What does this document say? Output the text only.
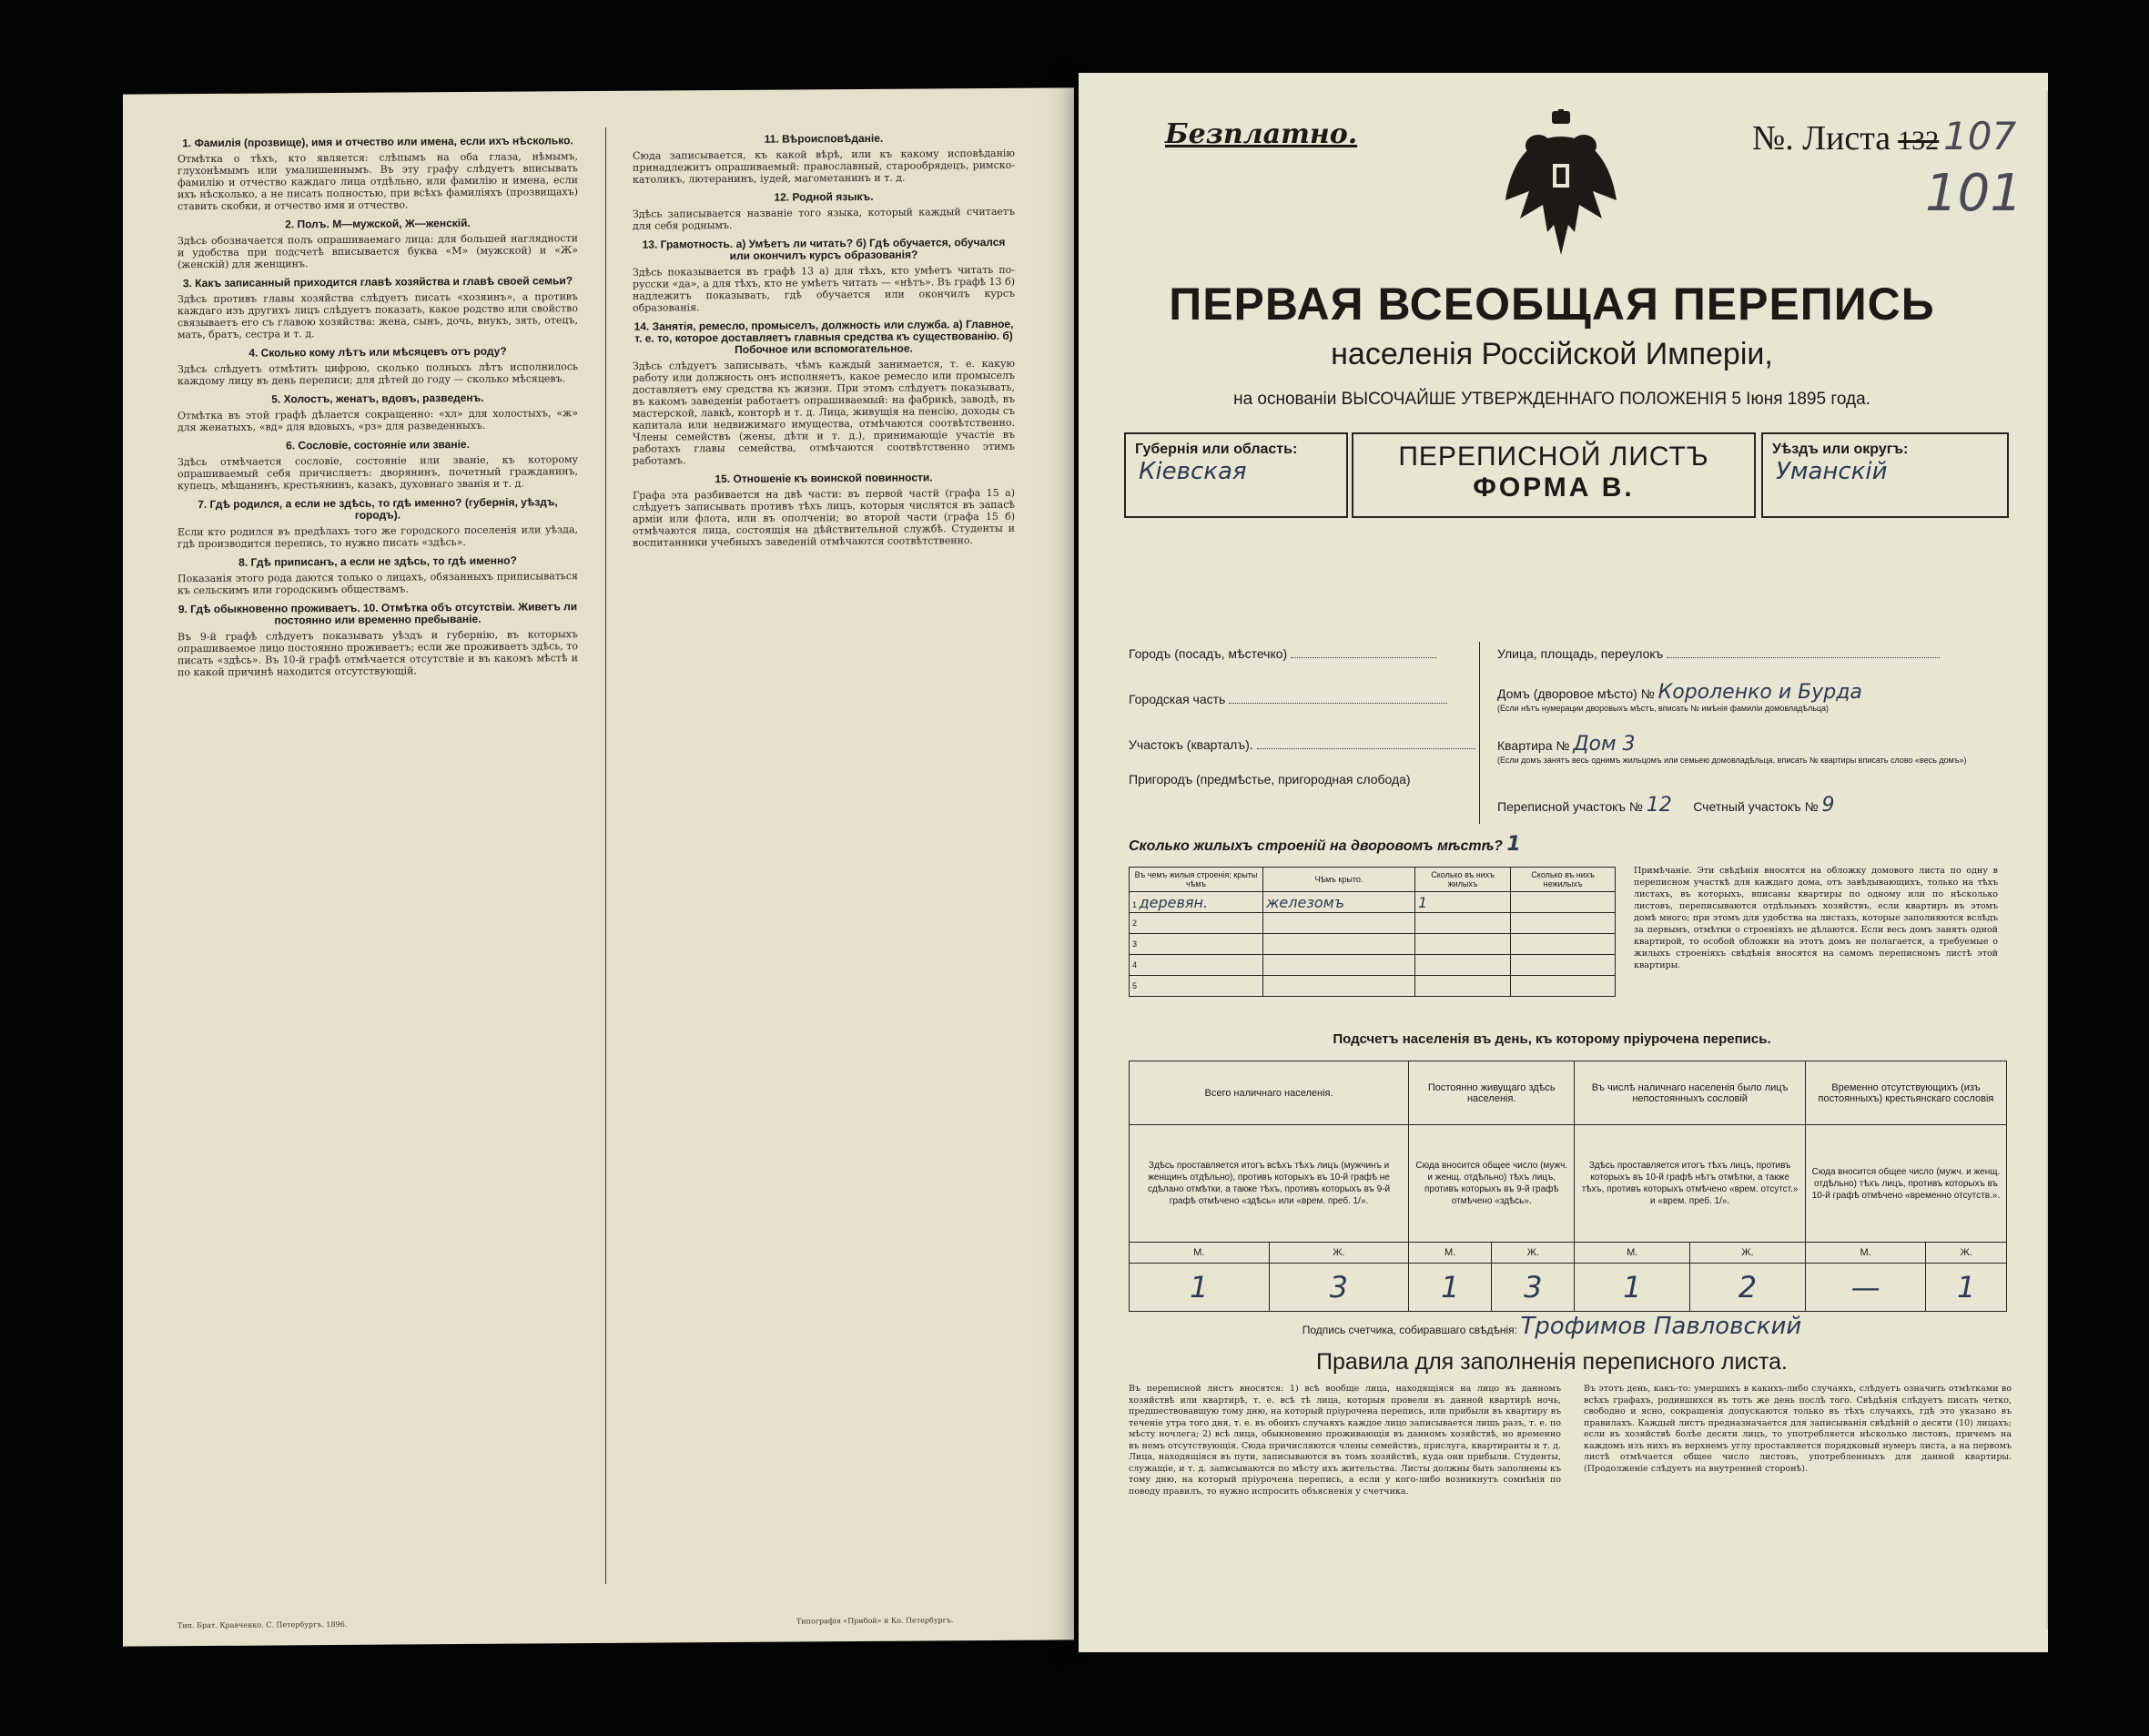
1. Фамилія (прозвище), имя и отчество или имена, если ихъ нѣсколько.

Отмѣтка о тѣхъ, кто является: слѣпымъ на оба глаза, нѣмымъ, глухонѣмымъ или умалишеннымъ. Въ эту графу слѣдуетъ вписывать фамилію и отчество каждаго лица отдѣльно, или фамилію и имена, если ихъ нѣсколько, а не писать полностью, при всѣхъ фамиліяхъ (прозвищахъ) ставить скобки, и отчество имя и отчество.

2. Полъ. М—мужской, Ж—женскій.

Здѣсь обозначается полъ опрашиваемаго лица: для большей наглядности и удобства при подсчетѣ вписывается буква «М» (мужской) и «Ж» (женскій) для женщинъ.

3. Какъ записанный приходится главѣ хозяйства и главѣ своей семьи?

Здѣсь противъ главы хозяйства слѣдуетъ писать «хозяинъ», а противъ каждаго изъ другихъ лицъ слѣдуетъ показать, какое родство или свойство связываетъ его съ главою хозяйства: жена, сынъ, дочь, внукъ, зять, отецъ, мать, братъ, сестра и т. д.

4. Сколько кому лѣтъ или мѣсяцевъ отъ роду?

Здѣсь слѣдуетъ отмѣтить цифрою, сколько полныхъ лѣтъ исполнилось каждому лицу въ день переписи; для дѣтей до году — сколько мѣсяцевъ.

5. Холостъ, женатъ, вдовъ, разведенъ.

Отмѣтка въ этой графѣ дѣлается сокращенно: «хл» для холостыхъ, «ж» для женатыхъ, «вд» для вдовыхъ, «рз» для разведенныхъ.

6. Сословіе, состояніе или званіе.

Здѣсь отмѣчается сословіе, состояніе или званіе, къ которому опрашиваемый себя причисляетъ: дворянинъ, почетный гражданинъ, купецъ, мѣщанинъ, крестьянинъ, казакъ, духовнаго званія и т. д.

7. Гдѣ родился, а если не здѣсь, то гдѣ именно? (губернія, уѣздъ, городъ).

Если кто родился въ предѣлахъ того же городского поселенія или уѣзда, гдѣ производится перепись, то нужно писать «здѣсь».

8. Гдѣ приписанъ, а если не здѣсь, то гдѣ именно?

Показанія этого рода даются только о лицахъ, обязанныхъ приписываться къ сельскимъ или городскимъ обществамъ.

9. Гдѣ обыкновенно проживаетъ. 10. Отмѣтка объ отсутствіи. Живетъ ли постоянно или временно пребываніе.

Въ 9-й графѣ слѣдуетъ показывать уѣздъ и губернію, въ которыхъ опрашиваемое лицо постоянно проживаетъ; если же проживаетъ здѣсь, то писать «здѣсь». Въ 10-й графѣ отмѣчается отсутствіе и въ какомъ мѣстѣ и по какой причинѣ находится отсутствующій.

11. Вѣроисповѣданіе.

Сюда записывается, къ какой вѣрѣ, или къ какому исповѣданію принадлежитъ опрашиваемый: православный, старообрядецъ, римско-католикъ, лютеранинъ, іудей, магометанинъ и т. д.

12. Родной языкъ.

Здѣсь записывается названіе того языка, который каждый считаетъ для себя роднымъ.

13. Грамотность. а) Умѣетъ ли читать? б) Гдѣ обучается, обучался или окончилъ курсъ образованія?

Здѣсь показывается въ графѣ 13 а) для тѣхъ, кто умѣетъ читать по-русски «да», а для тѣхъ, кто не умѣетъ читать — «нѣтъ». Въ графѣ 13 б) надлежитъ показывать, гдѣ обучается или окончилъ курсъ образованія.

14. Занятія, ремесло, промыселъ, должность или служба. а) Главное, т. е. то, которое доставляетъ главныя средства къ существованію. б) Побочное или вспомогательное.

Здѣсь слѣдуетъ записывать, чѣмъ каждый занимается, т. е. какую работу или должность онъ исполняетъ, какое ремесло или промыселъ доставляетъ ему средства къ жизни. При этомъ слѣдуетъ показывать, въ какомъ заведеніи работаетъ опрашиваемый: на фабрикѣ, заводѣ, въ мастерской, лавкѣ, конторѣ и т. д. Лица, живущія на пенсію, доходы съ капитала или недвижимаго имущества, отмѣчаются соотвѣтственно. Члены семействъ (жены, дѣти и т. д.), принимающіе участіе въ работахъ главы семейства, отмѣчаются соотвѣтственно этимъ работамъ.

15. Отношеніе къ воинской повинности.

Графа эта разбивается на двѣ части: въ первой частй (графа 15 а) слѣдуетъ записывать противъ тѣхъ лицъ, которыя числятся въ запасѣ арміи или флота, или въ ополченіи; во второй части (графа 15 б) отмѣчаются лица, состоящія на дѣйствительной службѣ. Студенты и воспитанники учебныхъ заведеній отмѣчаются соотвѣтственно.

Тип. Брат. Кравченко. С. Петербургъ. 1896.	Типографія «Прибой» и Ко. Петербургъ.
Безплатно.	№. Листа 132 107
101
ПЕРВАЯ ВСЕОБЩАЯ ПЕРЕПИСЬ
населенія Россійской Имперіи,
на основаніи ВЫСОЧАЙШЕ УТВЕРЖДЕННАГО ПОЛОЖЕНІЯ 5 Іюня 1895 года.
Губернія или область:
Кіевская	ПЕРЕПИСНОЙ ЛИСТЪ
ФОРМА В.
Уѣздъ или округъ:
Уманскій
Городъ (посадъ, мѣстечко)
Городская часть
Участокъ (кварталъ).
Пригородъ (предмѣстье, пригородная слобода)
Улица, площадь, переулокъ
Домъ (дворовое мѣсто) № Короленко и Бурда
(Если нѣтъ нумерации дворовыхъ мѣстъ, вписать № имѣнія фамиліи домовладѣльца)
Квартира № Дом 3
(Если домъ занятъ весь однимъ жильцомъ или семьею домовладѣльца, вписать № квартиры вписать слово «весь домъ»)
Переписной участокъ № 12 Счетный участокъ № 9
Сколько жилыхъ строеній на дворовомъ мѣстѣ? 1
Въ чемъ жилыя строенія; крыты чѣмъ	Чѣмъ крыто.	Сколько въ нихъ жилыхъ	Сколько въ нихъ нежилыхъ
1 деревян.	железомъ	1	
2			
3			
4			
5			
Примѣчаніе. Эти свѣдѣнія вносятся на обложку домового листа по одну в переписном участкѣ для каждаго дома, отъ завѣдывающихъ, только на тѣхъ листахъ, въ которыхъ, вписаны квартиры по одному или по нѣсколько листовъ, переписываются отдѣльныхъ хозяйствъ, если квартиръ въ этомъ домѣ много; при этомъ для удобства на листахъ, которые заполняются вслѣдъ за первымъ, отмѣтки о строеніяхъ не дѣлаются. Если весь домъ занятъ одной квартирой, то особой обложки на этотъ домъ не полагается, а требуемые о жилыхъ строеніяхъ свѣдѣнія вносятся на самомъ переписномъ листѣ этой квартиры.
Подсчетъ населенія въ день, къ которому пріурочена перепись.
Всего наличнаго населенія.		Постоянно живущаго здѣсь населенія.		Въ числѣ наличнаго населенія было лицъ непостоянныхъ сословій		Временно отсутствующихъ (изъ постоянныхъ) крестьянскаго сословія	
Здѣсь проставляется итогъ всѣхъ тѣхъ лицъ (мужчинъ и женщинъ отдѣльно), противъ которыхъ въ 10-й графѣ не сдѣлано отмѣтки, а также тѣхъ, противъ которыхъ въ 9-й графѣ отмѣчено «здѣсь» или «врем. преб. 1/».		Сюда вносится общее число (мужч. и женщ. отдѣльно) тѣхъ лицъ, противъ которыхъ въ 9-й графѣ отмѣчено «здѣсь».		Здѣсь проставляется итогъ тѣхъ лицъ, противъ которыхъ въ 10-й графѣ нѣтъ отмѣтки, а также тѣхъ, противъ которыхъ отмѣчено «врем. отсутст.» и «врем. преб. 1/».		Сюда вносится общее число (мужч. и женщ. отдѣльно) тѣхъ лицъ, противъ которыхъ въ 10-й графѣ отмѣчено «временно отсутств.».	
М.	Ж.	М.	Ж.	М.	Ж.	М.	Ж.
1	3	1	3	1	2	—	1
Подпись счетчика, собиравшаго свѣдѣнія: Трофимов Павловский
Правила для заполненія переписного листа.

Въ переписной листъ вносятся: 1) всѣ вообще лица, находящіяся на лицо въ данномъ хозяйствѣ или квартирѣ, т. е. всѣ тѣ лица, которыя провели въ данной квартирѣ ночь, предшествовавшую тому дню, на который пріурочена перепись, или прибыли въ квартиру въ теченіе утра того дня, т. е. въ обоихъ случаяхъ каждое лицо записывается лишь разъ, т. е. по мѣсту ночлега; 2) всѣ лица, обыкновенно проживающія въ данномъ хозяйствѣ, но временно въ немъ отсутствующія. Сюда причисляются члены семействъ, прислуга, квартиранты и т. д. Лица, находящіяся въ пути, записываются въ томъ хозяйствѣ, куда они прибыли. Студенты, служащіе, и т. д. записываются по мѣсту ихъ жительства. Листы должны быть заполнены къ тому дню, на который пріурочена перепись, а если у кого-либо возникнутъ сомнѣнія по поводу правилъ, то нужно испросить объясненія у счетчика.

Въ этотъ день, какъ-то: умершихъ в какихъ-либо случаяхъ, слѣдуетъ означить отмѣтками во всѣхъ графахъ, родившихся въ тотъ же день послѣ того. Свѣдѣнія слѣдуетъ писать четко, свободно и ясно, сокращенія допускаются только въ тѣхъ случаяхъ, гдѣ это указано въ правилахъ. Каждый листъ предназначается для записыванія свѣдѣній о десяти (10) лицахъ; если въ хозяйствѣ болѣе десяти лицъ, то употребляется нѣсколько листовъ, причемъ на каждомъ изъ нихъ въ верхнемъ углу проставляется порядковый нумеръ листа, а на первомъ листѣ отмѣчается общее число листовъ, употребленныхъ для данной квартиры. (Продолженіе слѣдуетъ на внутренней сторонѣ).
